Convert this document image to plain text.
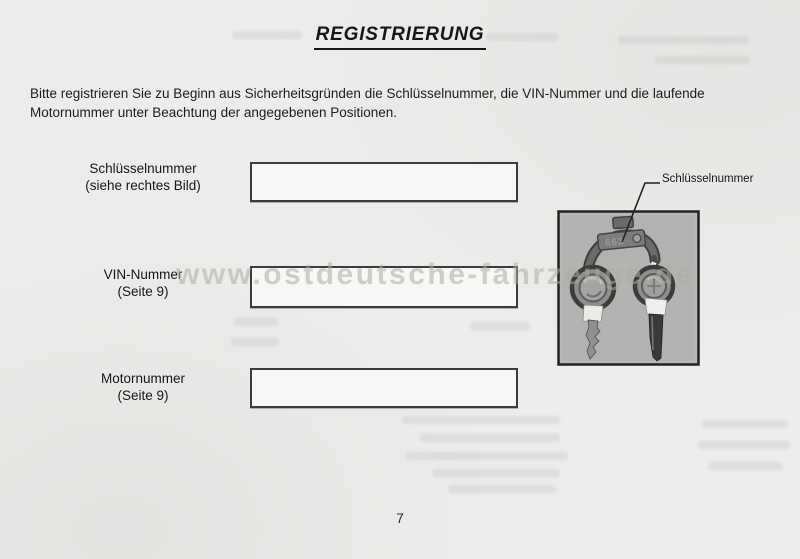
REGISTRIERUNG

Bitte registrieren Sie zu Beginn aus Sicherheitsgründen die Schlüsselnummer, die VIN-Nummer und die laufende Motornummer unter Beachtung der angegebenen Positionen.

Schlüsselnummer
(siehe rechtes Bild)
VIN-Nummer
(Seite 9)
Motornummer
(Seite 9)
663
Schlüsselnummer
www.ostdeutsche-fahrzeuge.de
7
